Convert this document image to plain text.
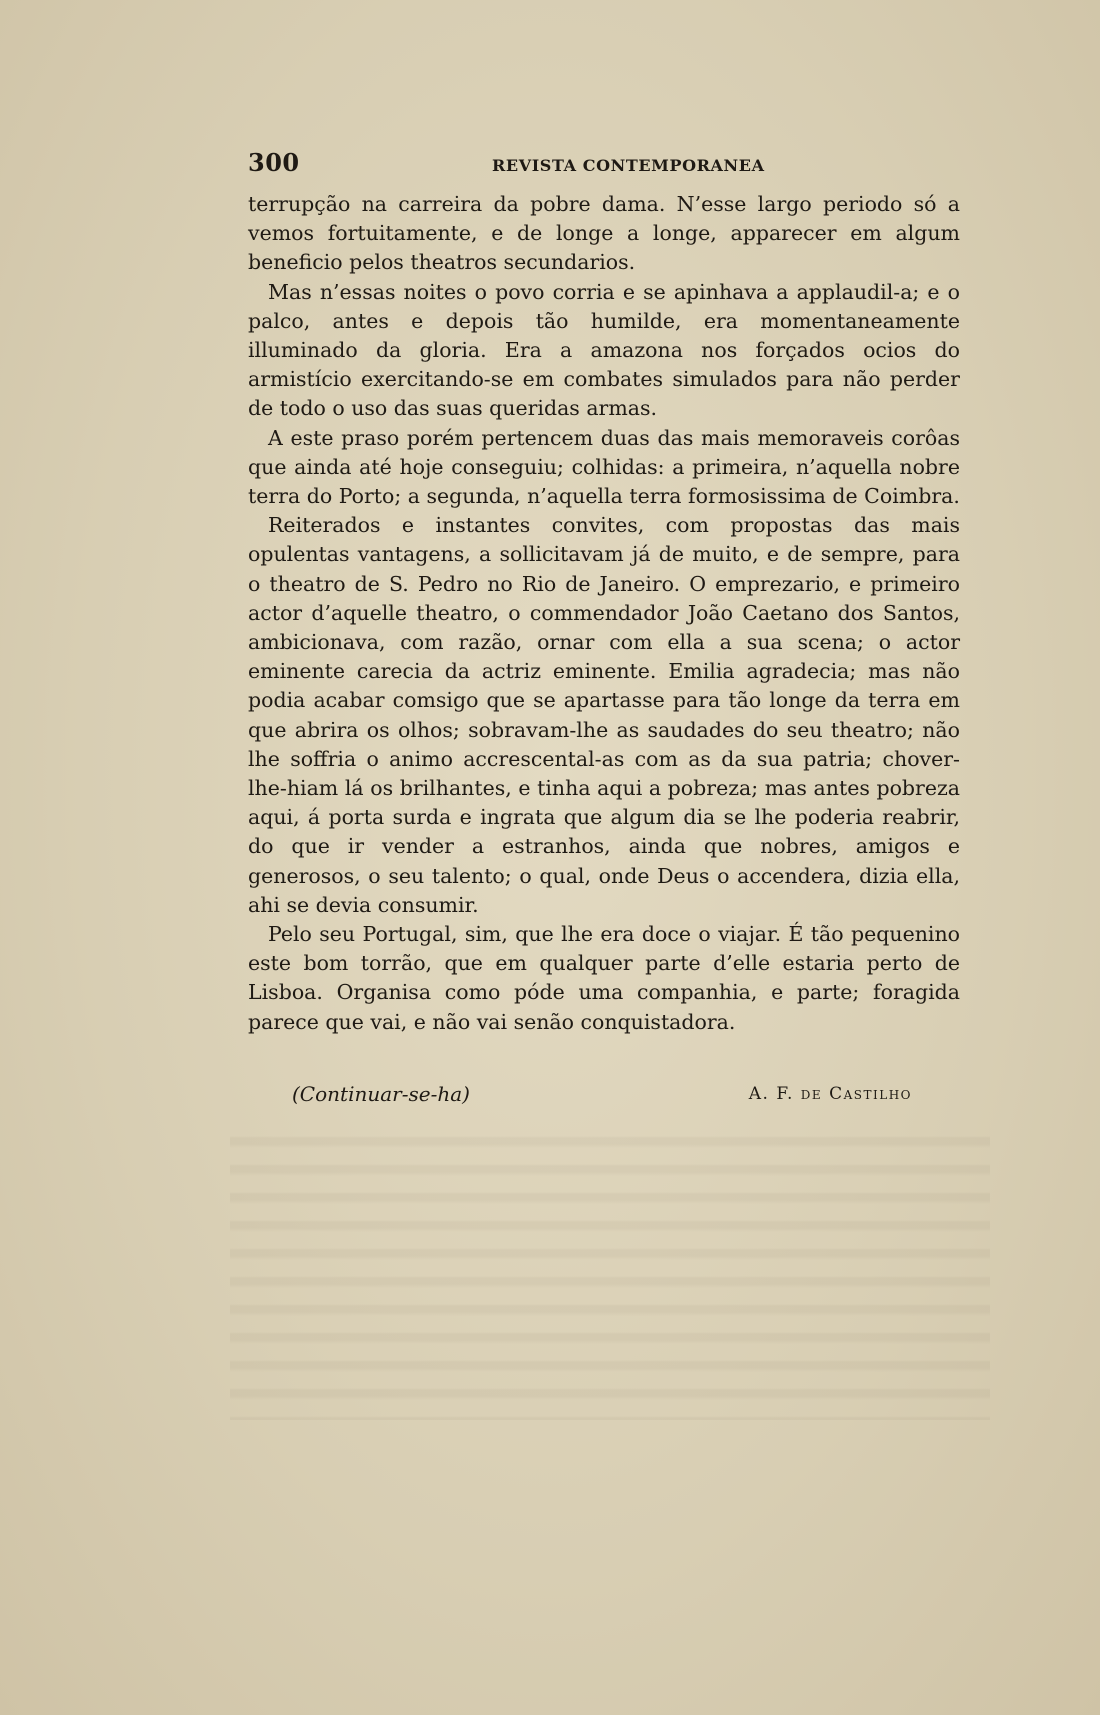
300	REVISTA CONTEMPORANEA

terrupção na carreira da pobre dama. N’esse largo periodo só a vemos fortuitamente, e de longe a longe, apparecer em algum beneficio pelos theatros secundarios.

Mas n’essas noites o povo corria e se apinhava a applaudil-a; e o palco, antes e depois tão humilde, era momentaneamente illuminado da gloria. Era a amazona nos forçados ocios do armistício exercitando-se em combates simulados para não perder de todo o uso das suas queridas armas.

A este praso porém pertencem duas das mais memoraveis corôas que ainda até hoje conseguiu; colhidas: a primeira, n’aquella nobre terra do Porto; a segunda, n’aquella terra formosissima de Coimbra.

Reiterados e instantes convites, com propostas das mais opulentas vantagens, a sollicitavam já de muito, e de sempre, para o theatro de S. Pedro no Rio de Janeiro. O emprezario, e primeiro actor d’aquelle theatro, o commendador João Caetano dos Santos, ambicionava, com razão, ornar com ella a sua scena; o actor eminente carecia da actriz eminente. Emilia agradecia; mas não podia acabar comsigo que se apartasse para tão longe da terra em que abrira os olhos; sobravam-lhe as saudades do seu theatro; não lhe soffria o animo accrescental-as com as da sua patria; chover-lhe-hiam lá os brilhantes, e tinha aqui a pobreza; mas antes pobreza aqui, á porta surda e ingrata que algum dia se lhe poderia reabrir, do que ir vender a estranhos, ainda que nobres, amigos e generosos, o seu talento; o qual, onde Deus o accendera, dizia ella, ahi se devia consumir.

Pelo seu Portugal, sim, que lhe era doce o viajar. É tão pequenino este bom torrão, que em qualquer parte d’elle estaria perto de Lisboa. Organisa como póde uma companhia, e parte; foragida parece que vai, e não vai senão conquistadora.

(Continuar-se-ha)	A. F. de Castilho
